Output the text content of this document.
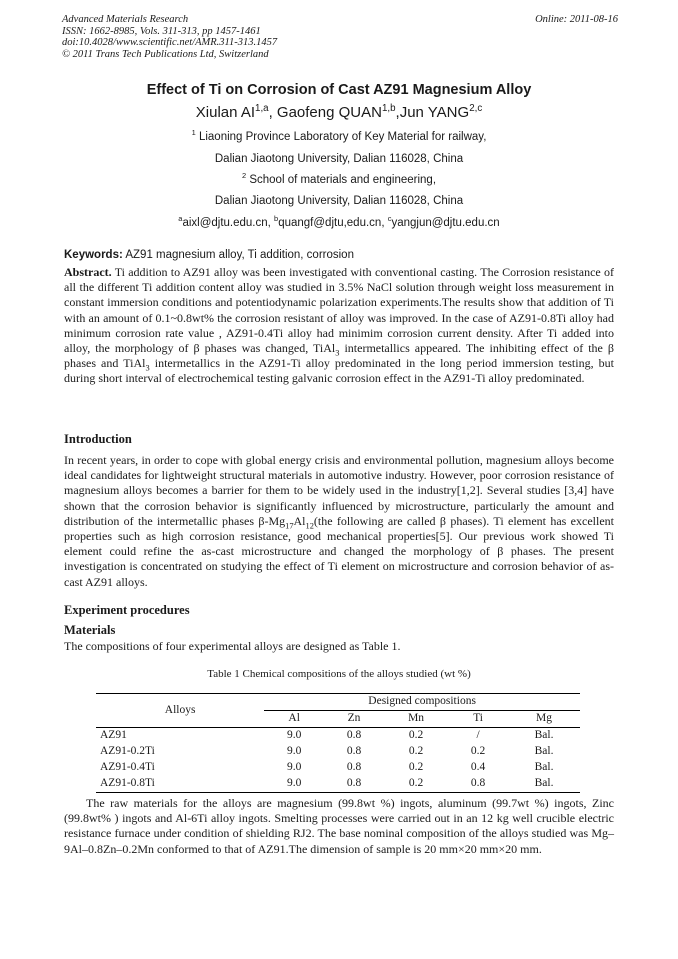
Advanced Materials Research
ISSN: 1662-8985, Vols. 311-313, pp 1457-1461
doi:10.4028/www.scientific.net/AMR.311-313.1457
© 2011 Trans Tech Publications Ltd, Switzerland
Online: 2011-08-16
Effect of Ti on Corrosion of Cast AZ91 Magnesium Alloy
Xiulan AI$^{1,a}$, Gaofeng QUAN$^{1,b}$,Jun YANG$^{2,c}$
$^1$ Liaoning Province Laboratory of Key Material for railway,
Dalian Jiaotong University, Dalian 116028, China
$^2$ School of materials and engineering,
Dalian Jiaotong University, Dalian 116028, China
$^a$aixl@djtu.edu.cn, $^b$quangf@djtu,edu.cn, $^c$yangjun@djtu.edu.cn
Keywords: AZ91 magnesium alloy, Ti addition, corrosion

Abstract. Ti addition to AZ91 alloy was been investigated with conventional casting. The Corrosion resistance of all the different Ti addition content alloy was studied in 3.5% NaCl solution through weight loss measurement in constant immersion conditions and potentiodynamic polarization experiments.The results show that addition of Ti with an amount of 0.1~0.8wt% the corrosion resistant of alloy was improved. In the case of AZ91-0.8Ti alloy had minimum corrosion rate value , AZ91-0.4Ti alloy had minimim corrosion current density. After Ti added into alloy, the morphology of β phases was changed, TiAl$_3$ intermetallics appeared. The inhibiting effect of the β phases and TiAl$_3$ intermetallics in the AZ91-Ti alloy predominated in the long period immersion testing, but during short interval of electrochemical testing galvanic corrosion effect in the AZ91-Ti alloy predominated.

Introduction

In recent years, in order to cope with global energy crisis and environmental pollution, magnesium alloys become ideal candidates for lightweight structural materials in automotive industry. However, poor corrosion resistance of magnesium alloys becomes a barrier for them to be widely used in the industry[1,2]. Several studies [3,4] have shown that the corrosion behavior is significantly influenced by microstructure, particularly the amount and distribution of the intermetallic phases $\beta-Mg_{17}Al_{12}(the$ following are called β phases). Ti element has excellent properties such as high corrosion resistance, good mechanical properties[5]. Our previous work showed Ti element could refine the as-cast microstructure and changed the morphology of β phases. The present investigation is concentrated on studying the effect of Ti element on microstructure and corrosion behavior of as-cast AZ91 alloys.

Experiment procedures
Materials
The compositions of four experimental alloys are designed as Table 1.
Table 1 Chemical compositions of the alloys studied (wt %)
Alloys	Designed compositions				
	Al	Zn	Mn	Ti	Mg
AZ91	9.0	0.8	0.2	/	Bal.
AZ91-0.2Ti	9.0	0.8	0.2	0.2	Bal.
AZ91-0.4Ti	9.0	0.8	0.2	0.4	Bal.
AZ91-0.8Ti	9.0	0.8	0.2	0.8	Bal.
The raw materials for the alloys are magnesium (99.8wt %) ingots, aluminum (99.7wt %) ingots, Zinc (99.8wt% ) ingots and Al-6Ti alloy ingots. Smelting processes were carried out in an 12 kg well crucible electric resistance furnace under condition of shielding RJ2. The base nominal composition of the alloys studied was Mg–9Al–0.8Zn–0.2Mn conformed to that of AZ91.The dimension of sample is 20 mm×20 mm×20 mm.
